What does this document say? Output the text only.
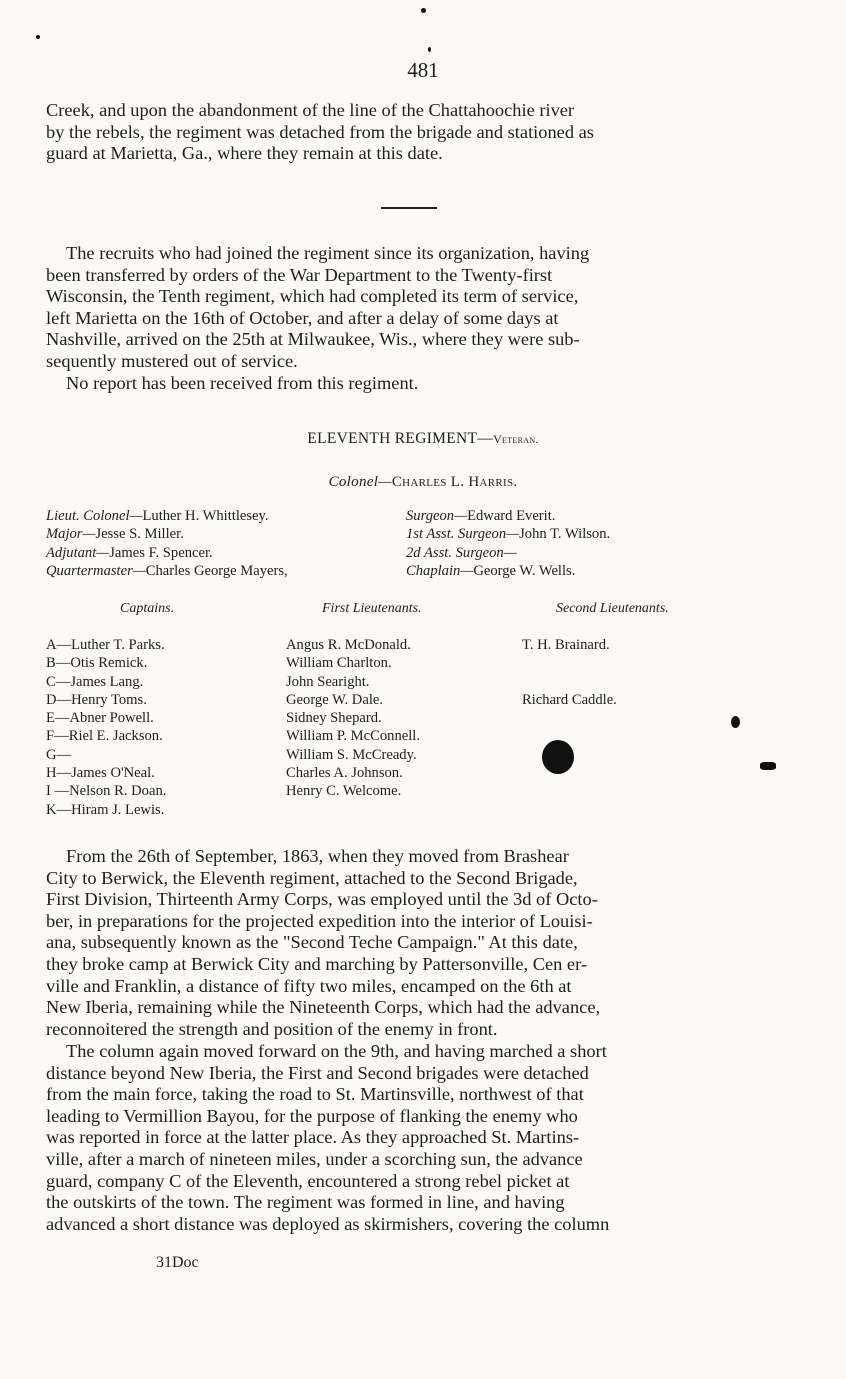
481
Creek, and upon the abandonment of the line of the Chattahoochie river
by the rebels, the regiment was detached from the brigade and stationed as
guard at Marietta, Ga., where they remain at this date.
The recruits who had joined the regiment since its organization, having
been transferred by orders of the War Department to the Twenty-first
Wisconsin, the Tenth regiment, which had completed its term of service,
left Marietta on the 16th of October, and after a delay of some days at
Nashville, arrived on the 25th at Milwaukee, Wis., where they were sub-
sequently mustered out of service.
No report has been received from this regiment.
ELEVENTH REGIMENT—Veteran.
Colonel—Charles L. Harris.
Lieut. Colonel—Luther H. Whittlesey.
Major—Jesse S. Miller.
Adjutant—James F. Spencer.
Quartermaster—Charles George Mayers,
Surgeon—Edward Everit.
1st Asst. Surgeon—John T. Wilson.
2d Asst. Surgeon—
Chaplain—George W. Wells.
Captains.	First Lieutenants.	Second Lieutenants.
A—Luther T. Parks.
B—Otis Remick.
C—James Lang.
D—Henry Toms.
E—Abner Powell.
F—Riel E. Jackson.
G—
H—James O'Neal.
I —Nelson R. Doan.
K—Hiram J. Lewis.
Angus R. McDonald.
William Charlton.
John Searight.
George W. Dale.
Sidney Shepard.
William P. McConnell.
William S. McCready.
Charles A. Johnson.
Henry C. Welcome.
T. H. Brainard.
Richard Caddle.
From the 26th of September, 1863, when they moved from Brashear
City to Berwick, the Eleventh regiment, attached to the Second Brigade,
First Division, Thirteenth Army Corps, was employed until the 3d of Octo-
ber, in preparations for the projected expedition into the interior of Louisi-
ana, subsequently known as the "Second Teche Campaign." At this date,
they broke camp at Berwick City and marching by Pattersonville, Cen er-
ville and Franklin, a distance of fifty two miles, encamped on the 6th at
New Iberia, remaining while the Nineteenth Corps, which had the advance,
reconnoitered the strength and position of the enemy in front.
The column again moved forward on the 9th, and having marched a short
distance beyond New Iberia, the First and Second brigades were detached
from the main force, taking the road to St. Martinsville, northwest of that
leading to Vermillion Bayou, for the purpose of flanking the enemy who
was reported in force at the latter place. As they approached St. Martins-
ville, after a march of nineteen miles, under a scorching sun, the advance
guard, company C of the Eleventh, encountered a strong rebel picket at
the outskirts of the town. The regiment was formed in line, and having
advanced a short distance was deployed as skirmishers, covering the column
31Doc
